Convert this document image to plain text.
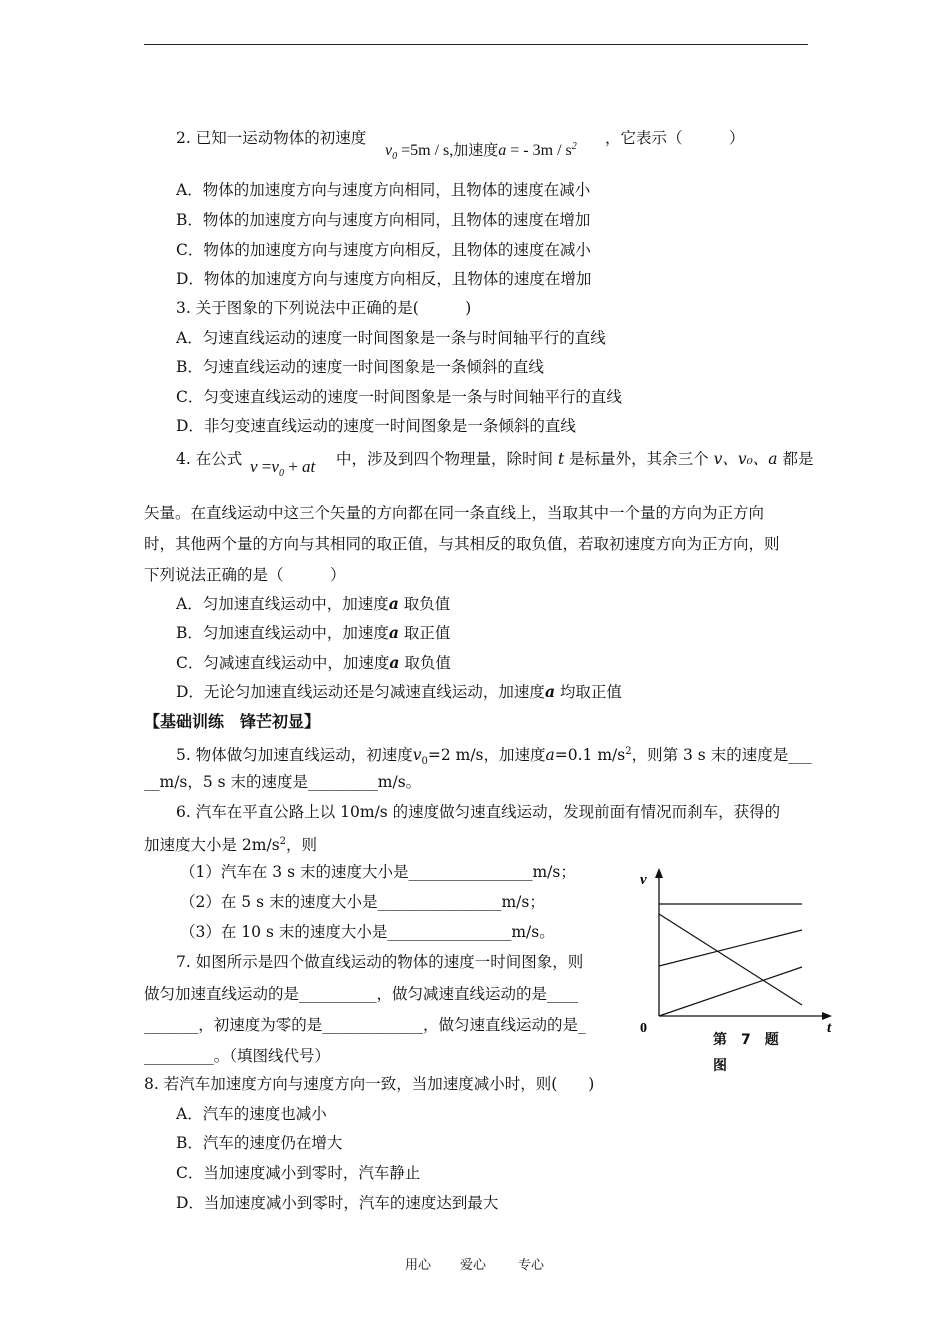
2. 已知一运动物体的初速度
$v_0 =5m / s$,加速度a = - $3m / s^2$ ，它表示（　　　）
A．物体的加速度方向与速度方向相同，且物体的速度在减小
B．物体的加速度方向与速度方向相同，且物体的速度在增加
C．物体的加速度方向与速度方向相反，且物体的速度在减小
D．物体的加速度方向与速度方向相反，且物体的速度在增加
3. 关于图象的下列说法中正确的是(　　　)
A．匀速直线运动的速度一时间图象是一条与时间轴平行的直线
B．匀速直线运动的速度一时间图象是一条倾斜的直线
C．匀变速直线运动的速度一时间图象是一条与时间轴平行的直线
D．非匀变速直线运动的速度一时间图象是一条倾斜的直线
4. 在公式 $v =v_0$ + at 中，涉及到四个物理量，除时间 t 是标量外，其余三个 v、v₀、a 都是
矢量。在直线运动中这三个矢量的方向都在同一条直线上，当取其中一个量的方向为正方向
时，其他两个量的方向与其相同的取正值，与其相反的取负值，若取初速度方向为正方向，则
下列说法正确的是（　　　）
A．匀加速直线运动中，加速度a 取负值
B．匀加速直线运动中，加速度a 取正值
C．匀减速直线运动中，加速度a 取负值
D．无论匀加速直线运动还是匀减速直线运动，加速度a 均取正值
【基础训练　锋芒初显】
5. 物体做匀加速直线运动，初速度$v_0=2$ m/s，加速度a=0.1 $m/s^2$，则第 3 s 末的速度是___
__m/s，5 s 末的速度是_________m/s。
6. 汽车在平直公路上以 10m/s 的速度做匀速直线运动，发现前面有情况而刹车，获得的
加速度大小是 $2m/s^2$，则
（1）汽车在 3 s 末的速度大小是________________m/s；
（2）在 5 s 末的速度大小是________________m/s；
（3）在 10 s 末的速度大小是________________m/s。
7. 如图所示是四个做直线运动的物体的速度一时间图象，则
做匀加速直线运动的是__________，做匀减速直线运动的是____
_______，初速度为零的是_____________，做匀速直线运动的是_
_________。（填图线代号）
v
t
0
第　7　题
图
8. 若汽车加速度方向与速度方向一致，当加速度减小时，则(　　)
A．汽车的速度也减小
B．汽车的速度仍在增大
C．当加速度减小到零时，汽车静止
D．当加速度减小到零时，汽车的速度达到最大
用心 爱心 专心
